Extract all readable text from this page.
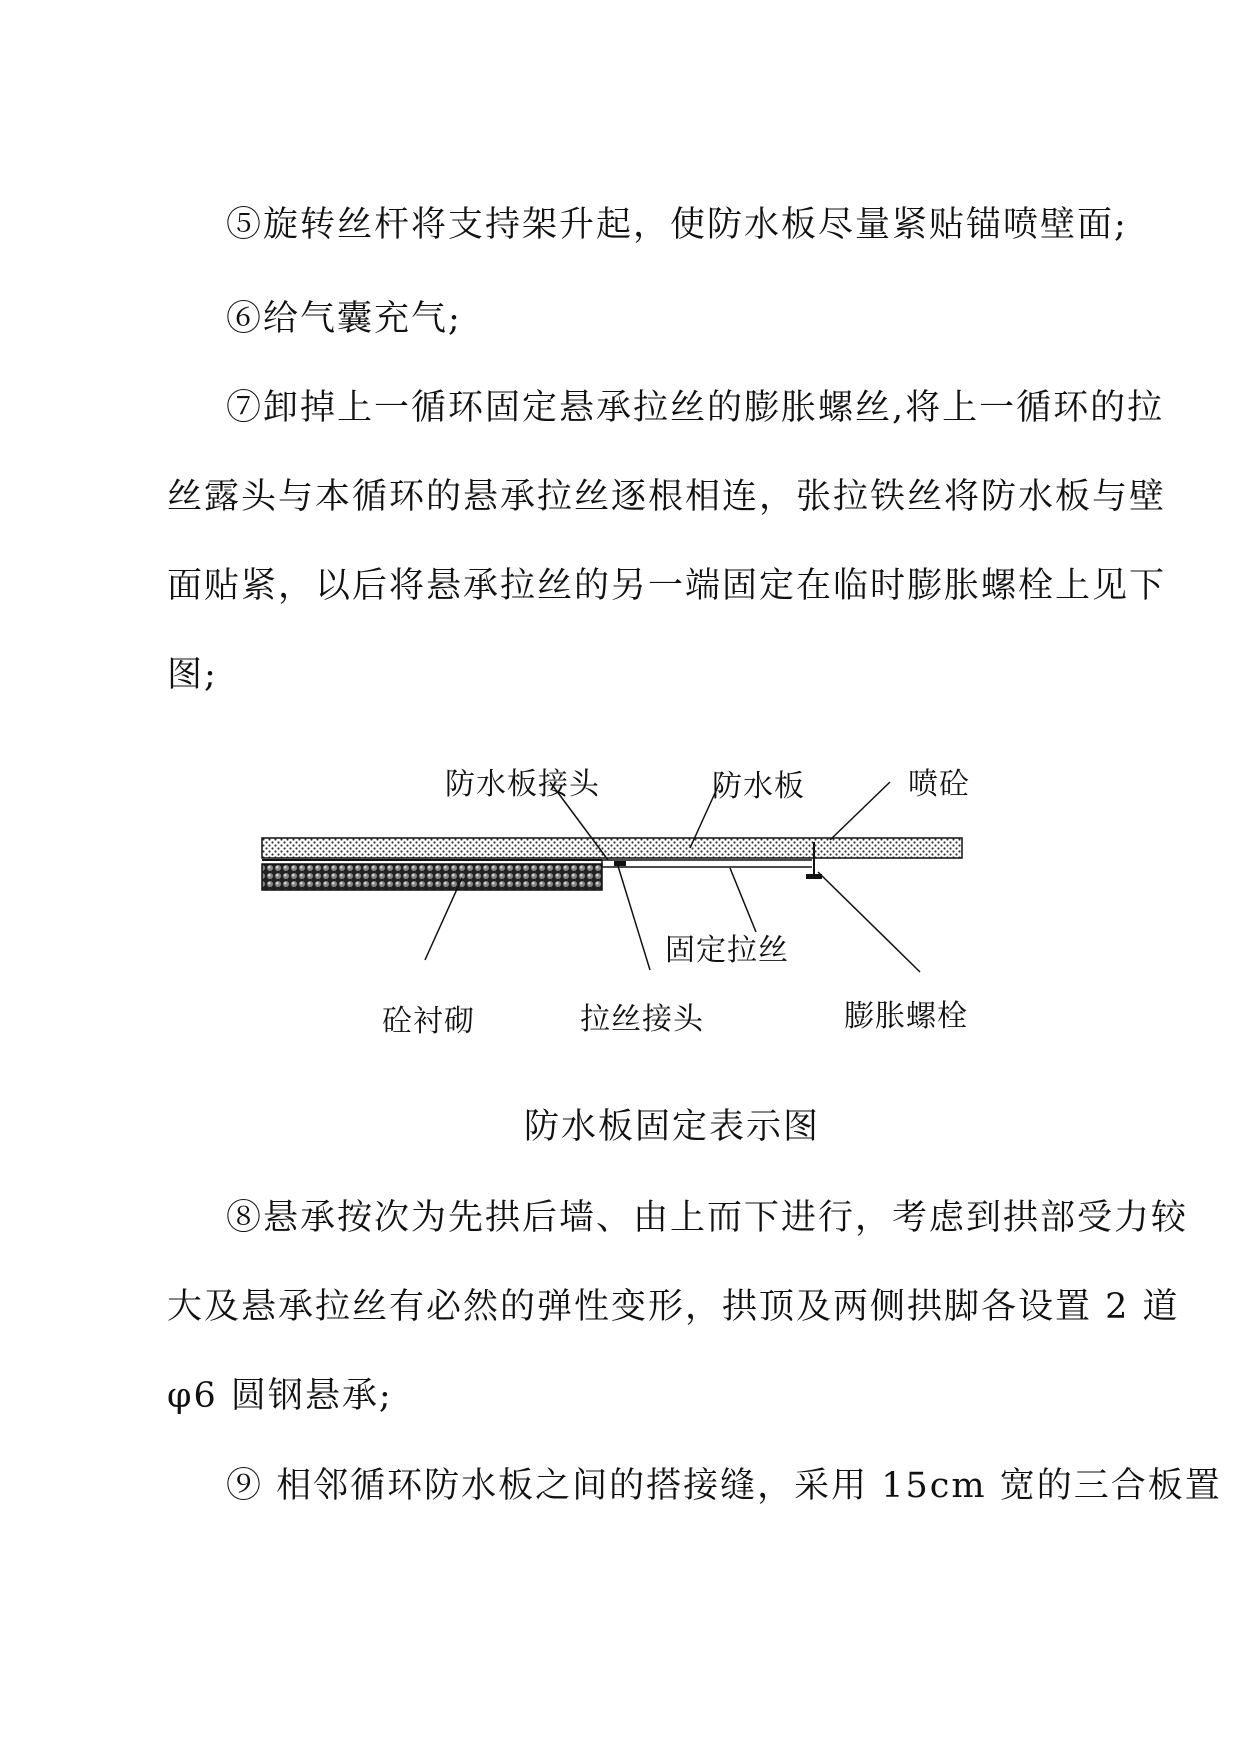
⑤旋转丝杆将支持架升起，使防水板尽量紧贴锚喷壁面;
⑥给气囊充气;
⑦卸掉上一循环固定悬承拉丝的膨胀螺丝,将上一循环的拉
丝露头与本循环的悬承拉丝逐根相连，张拉铁丝将防水板与壁
面贴紧，以后将悬承拉丝的另一端固定在临时膨胀螺栓上见下
图;
防水板接头	防水板	喷砼
固定拉丝
砼衬砌	拉丝接头	膨胀螺栓
防水板固定表示图
⑧悬承按次为先拱后墙、由上而下进行，考虑到拱部受力较
大及悬承拉丝有必然的弹性变形，拱顶及两侧拱脚各设置 2 道
φ6 圆钢悬承;
⑨ 相邻循环防水板之间的搭接缝，采用 15cm 宽的三合板置
